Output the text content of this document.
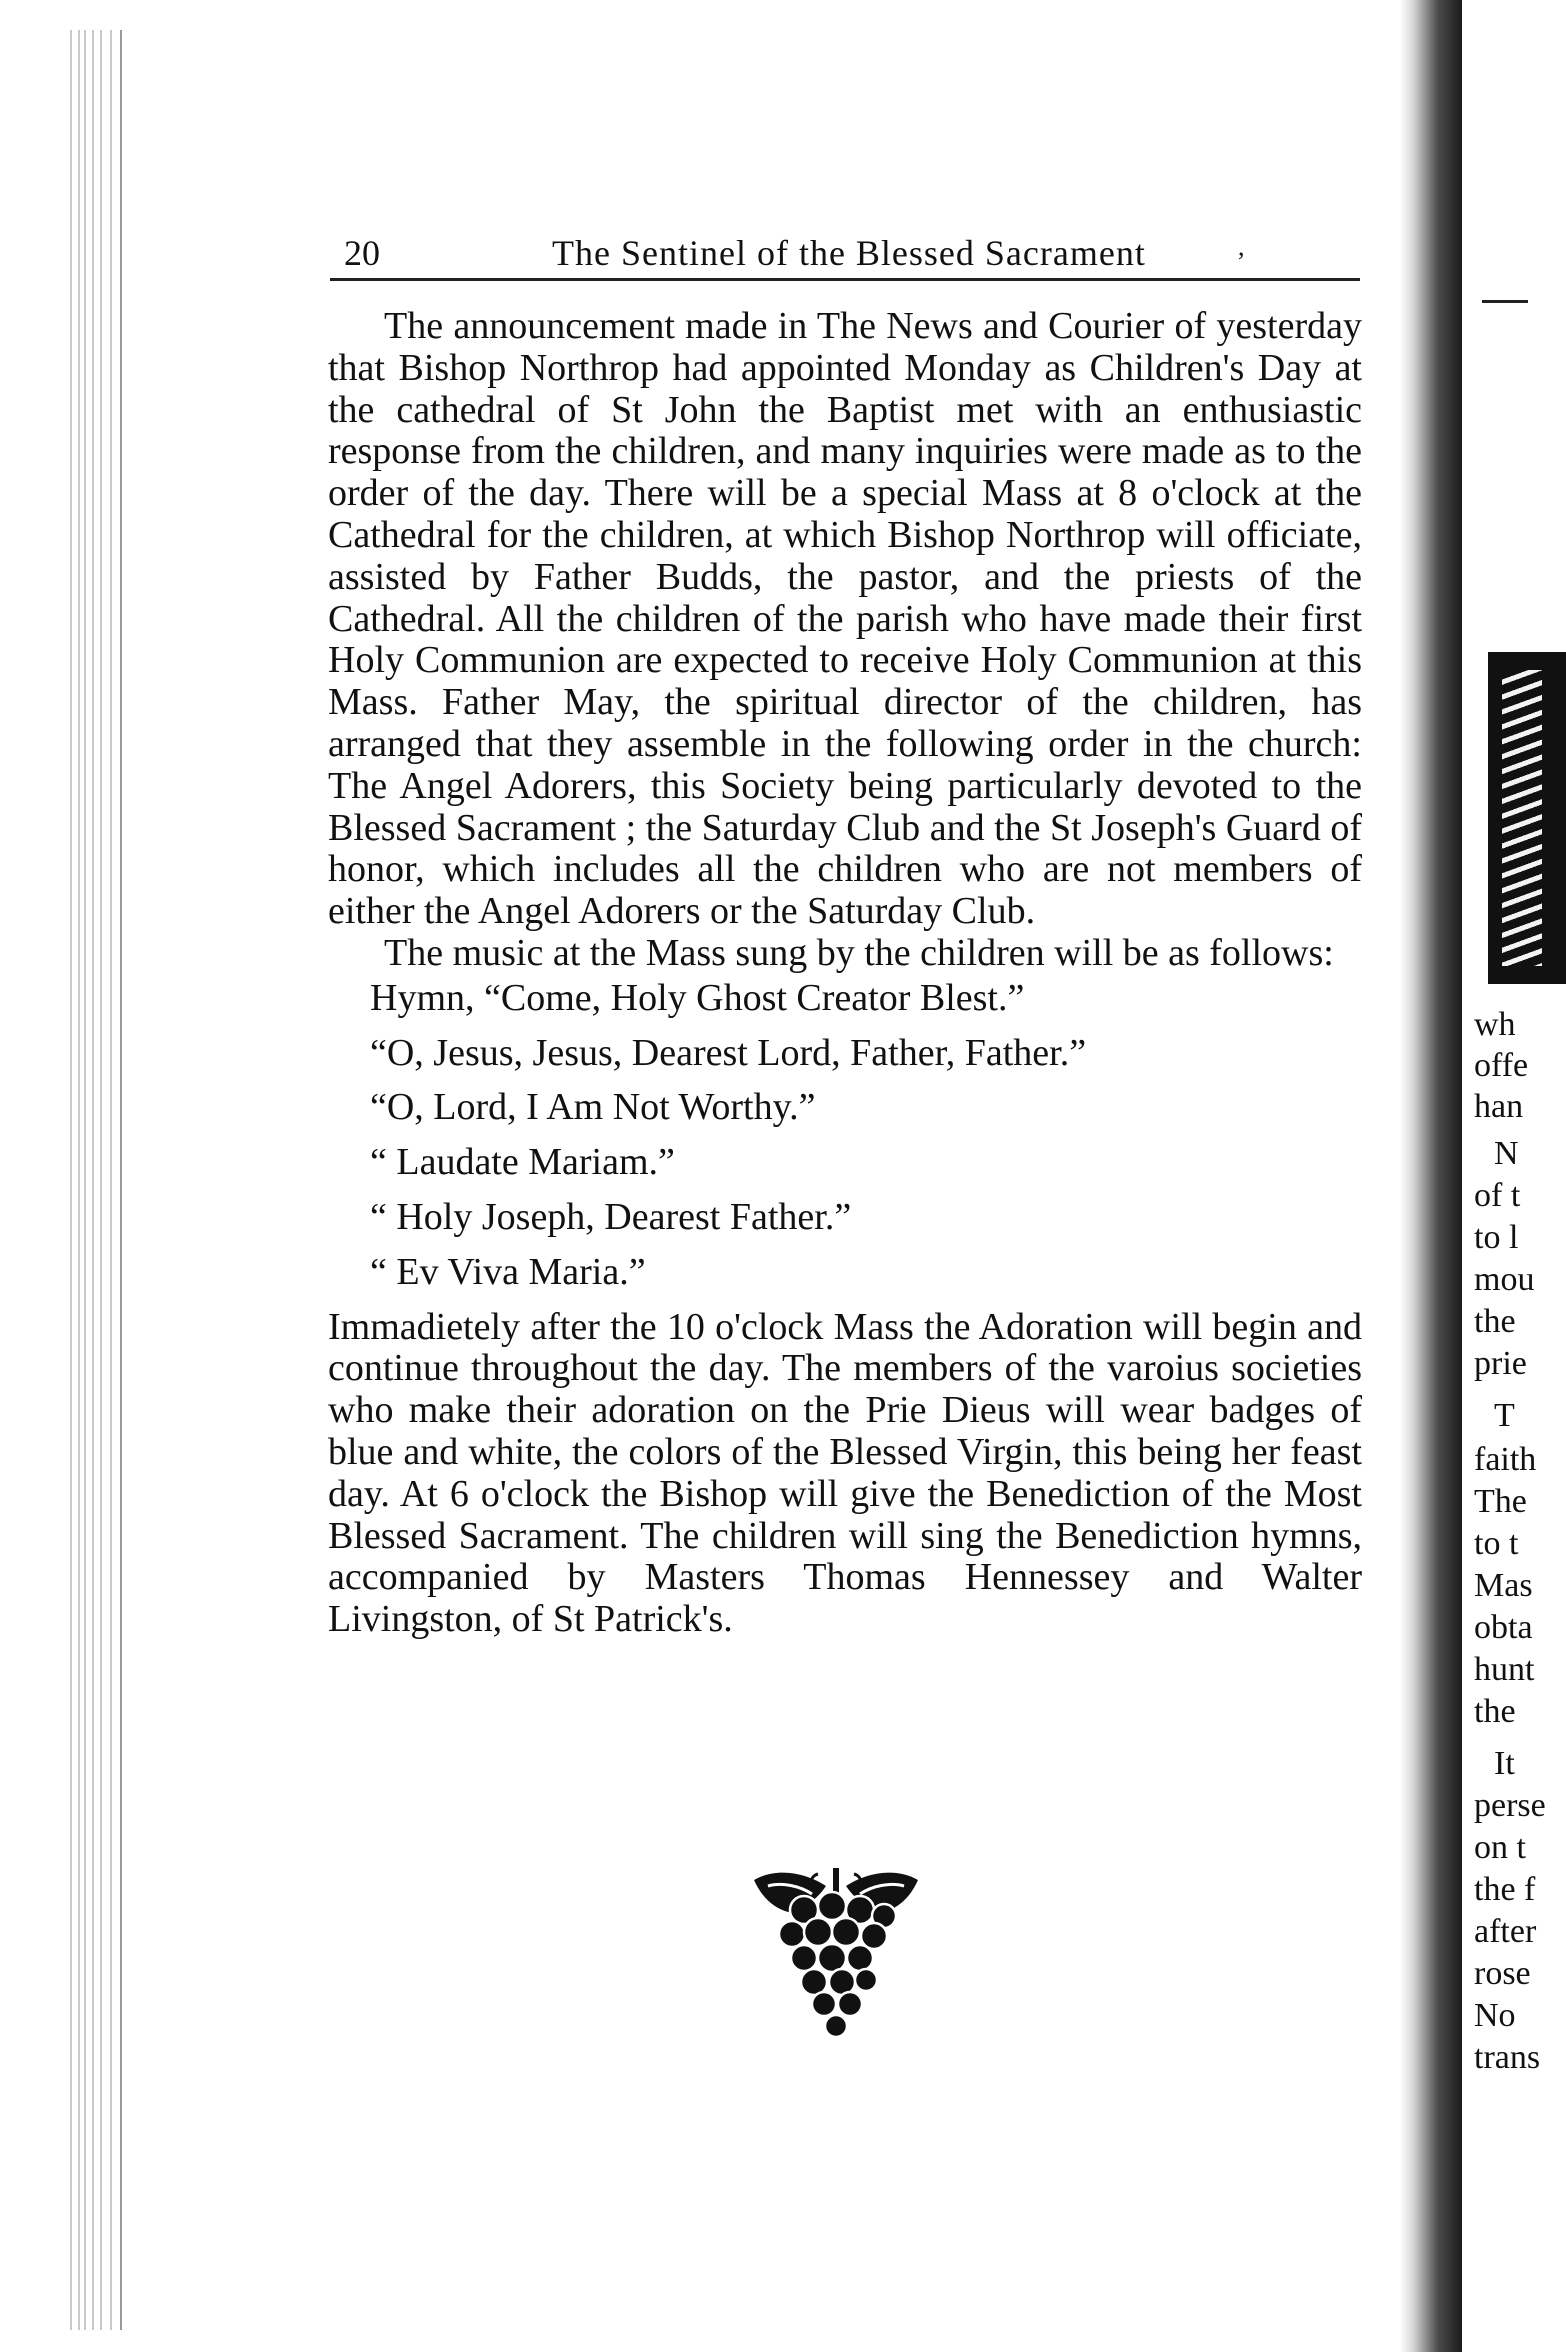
20	The Sentinel of the Blessed Sacrament	,

The announcement made in The News and Courier of yesterday that Bishop Northrop had appointed Monday as Children's Day at the cathedral of St John the Baptist met with an enthusiastic response from the children, and many inquiries were made as to the order of the day. There will be a special Mass at 8 o'clock at the Cathedral for the children, at which Bishop Northrop will officiate, assisted by Father Budds, the pastor, and the priests of the Cathedral. All the children of the parish who have made their first Holy Communion are expected to receive Holy Communion at this Mass. Father May, the spiritual director of the children, has arranged that they assemble in the following order in the church: The Angel Adorers, this Society being particularly devoted to the Blessed Sacrament ; the Saturday Club and the St Joseph's Guard of honor, which includes all the children who are not members of either the Angel Adorers or the Saturday Club.

The music at the Mass sung by the children will be as follows:

Hymn, “Come, Holy Ghost Creator Blest.”

“O, Jesus, Jesus, Dearest Lord, Father, Father.”

“O, Lord, I Am Not Worthy.”

“ Laudate Mariam.”

“ Holy Joseph, Dearest Father.”

“ Ev Viva Maria.”

Immadietely after the 10 o'clock Mass the Adoration will begin and continue throughout the day. The members of the varoius societies who make their adoration on the Prie Dieus will wear badges of blue and white, the colors of the Blessed Virgin, this being her feast day. At 6 o'clock the Bishop will give the Benediction of the Most Blessed Sacrament. The children will sing the Benediction hymns, accompanied by Masters Thomas Hennessey and Walter Livingston, of St Patrick's.

wh
offe
han
N
of t
to l
mou
the
prie
T
faith
The
to t
Mas
obta
hunt
the
It
perse
on t
the f
after
rose
No
trans
